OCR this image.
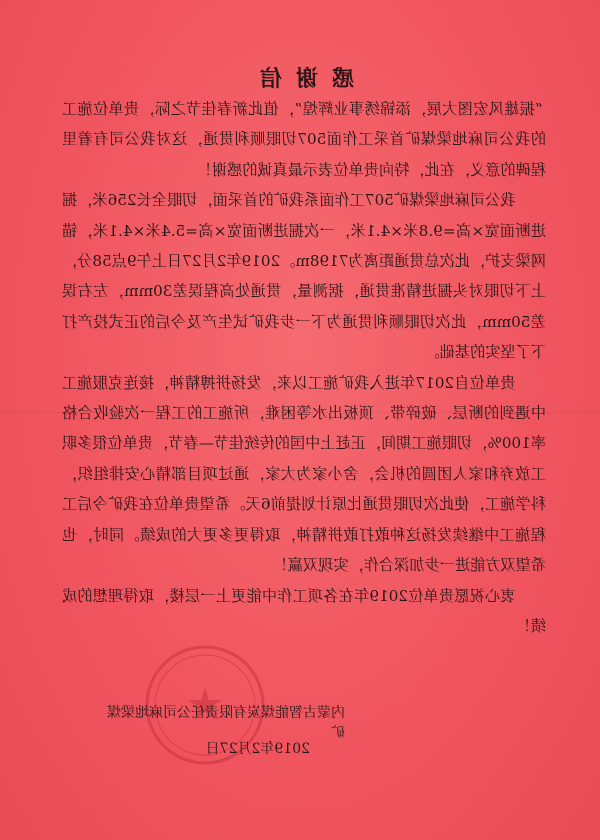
感谢信

“振雄风宏图大展，添锦绣事业辉煌”，值此新春佳节之际，贵单位施工的我公司麻地梁煤矿首采工作面507切眼顺利贯通，这对我公司有着里程碑的意义，在此，特向贵单位表示最真诚的感谢！

我公司麻地梁煤矿507工作面系我矿的首采面，切眼全长256米，掘进断面宽×高=9.8米×4.1米，一次掘进断面宽×高=5.4米×4.1米，锚网梁支护，此次总贯通距离为7198m。2019年2月27日上午9点58分，上下切眼对头掘进精准贯通，据测量，贯通处高程误差30mm，左右误差50mm，此次切眼顺利贯通为下一步我矿试生产及今后的正式投产打下了坚实的基础。

贵单位自2017年进入我矿施工以来，发扬拼搏精神，接连克服施工中遇到的断层、破碎带、顶板出水等困难，所施工的工程一次验收合格率100%，切眼施工期间，正赶上中国的传统佳节—春节，贵单位很多职工放弃和家人团圆的机会，舍小家为大家，通过项目部精心安排组织，科学施工，使此次切眼贯通比原计划提前6天。希望贵单位在我矿今后工程施工中继续发扬这种敢打敢拼精神，取得更多更大的成绩。同时，也希望双方能进一步加深合作，实现双赢！

衷心祝愿贵单位2019年在各项工作中能更上一层楼，取得理想的成绩！

内蒙古智能煤炭有限责任公司麻地梁煤矿
2019年2月27日
